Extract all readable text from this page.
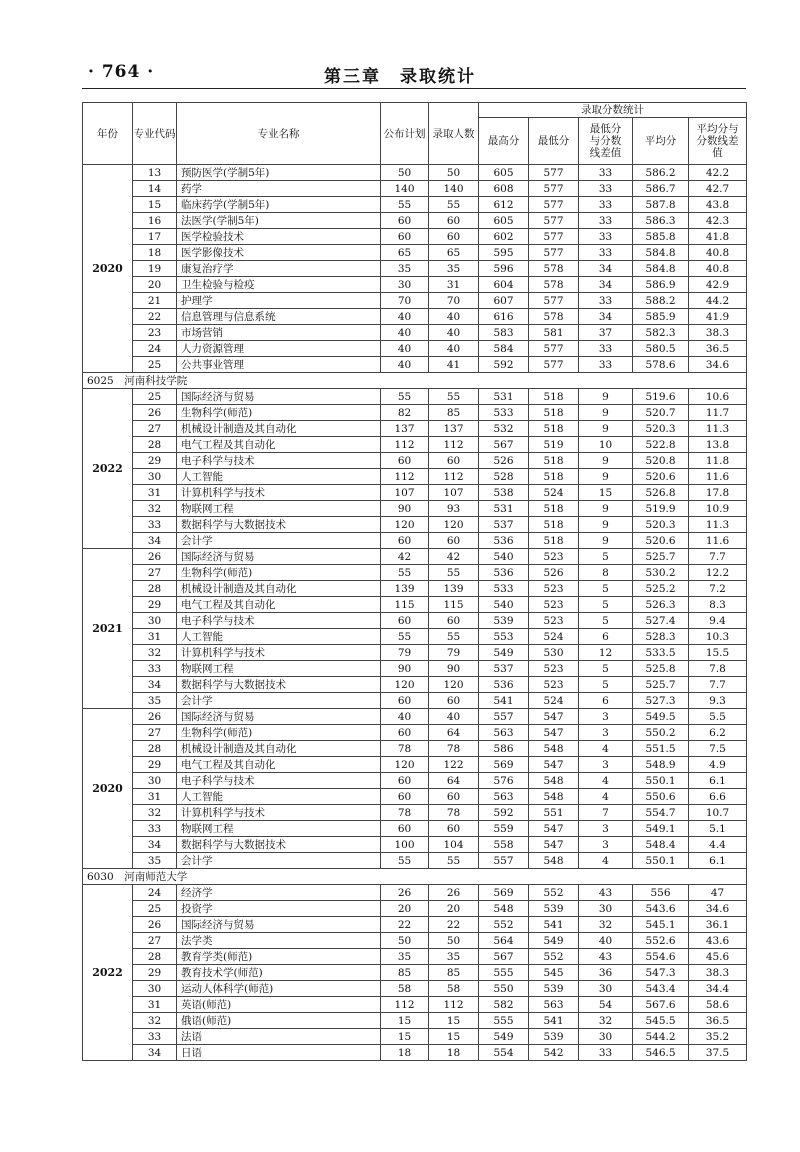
· 764 ·	第三章　录取统计
年份	专业代码	专业名称	公布计划	录取人数	录取分数统计				
					最高分	最低分	最低分与分数线差值	平均分	平均分与分数线差值
2020	13	预防医学(学制5年)	50	50	605	577	33	586.2	42.2
	14	药学	140	140	608	577	33	586.7	42.7
	15	临床药学(学制5年)	55	55	612	577	33	587.8	43.8
	16	法医学(学制5年)	60	60	605	577	33	586.3	42.3
	17	医学检验技术	60	60	602	577	33	585.8	41.8
	18	医学影像技术	65	65	595	577	33	584.8	40.8
	19	康复治疗学	35	35	596	578	34	584.8	40.8
	20	卫生检验与检疫	30	31	604	578	34	586.9	42.9
	21	护理学	70	70	607	577	33	588.2	44.2
	22	信息管理与信息系统	40	40	616	578	34	585.9	41.9
	23	市场营销	40	40	583	581	37	582.3	38.3
	24	人力资源管理	40	40	584	577	33	580.5	36.5
	25	公共事业管理	40	41	592	577	33	578.6	34.6
6025　河南科技学院									
2022	25	国际经济与贸易	55	55	531	518	9	519.6	10.6
	26	生物科学(师范)	82	85	533	518	9	520.7	11.7
	27	机械设计制造及其自动化	137	137	532	518	9	520.3	11.3
	28	电气工程及其自动化	112	112	567	519	10	522.8	13.8
	29	电子科学与技术	60	60	526	518	9	520.8	11.8
	30	人工智能	112	112	528	518	9	520.6	11.6
	31	计算机科学与技术	107	107	538	524	15	526.8	17.8
	32	物联网工程	90	93	531	518	9	519.9	10.9
	33	数据科学与大数据技术	120	120	537	518	9	520.3	11.3
	34	会计学	60	60	536	518	9	520.6	11.6
2021	26	国际经济与贸易	42	42	540	523	5	525.7	7.7
	27	生物科学(师范)	55	55	536	526	8	530.2	12.2
	28	机械设计制造及其自动化	139	139	533	523	5	525.2	7.2
	29	电气工程及其自动化	115	115	540	523	5	526.3	8.3
	30	电子科学与技术	60	60	539	523	5	527.4	9.4
	31	人工智能	55	55	553	524	6	528.3	10.3
	32	计算机科学与技术	79	79	549	530	12	533.5	15.5
	33	物联网工程	90	90	537	523	5	525.8	7.8
	34	数据科学与大数据技术	120	120	536	523	5	525.7	7.7
	35	会计学	60	60	541	524	6	527.3	9.3
2020	26	国际经济与贸易	40	40	557	547	3	549.5	5.5
	27	生物科学(师范)	60	64	563	547	3	550.2	6.2
	28	机械设计制造及其自动化	78	78	586	548	4	551.5	7.5
	29	电气工程及其自动化	120	122	569	547	3	548.9	4.9
	30	电子科学与技术	60	64	576	548	4	550.1	6.1
	31	人工智能	60	60	563	548	4	550.6	6.6
	32	计算机科学与技术	78	78	592	551	7	554.7	10.7
	33	物联网工程	60	60	559	547	3	549.1	5.1
	34	数据科学与大数据技术	100	104	558	547	3	548.4	4.4
	35	会计学	55	55	557	548	4	550.1	6.1
6030　河南师范大学									
2022	24	经济学	26	26	569	552	43	556	47
	25	投资学	20	20	548	539	30	543.6	34.6
	26	国际经济与贸易	22	22	552	541	32	545.1	36.1
	27	法学类	50	50	564	549	40	552.6	43.6
	28	教育学类(师范)	35	35	567	552	43	554.6	45.6
	29	教育技术学(师范)	85	85	555	545	36	547.3	38.3
	30	运动人体科学(师范)	58	58	550	539	30	543.4	34.4
	31	英语(师范)	112	112	582	563	54	567.6	58.6
	32	俄语(师范)	15	15	555	541	32	545.5	36.5
	33	法语	15	15	549	539	30	544.2	35.2
	34	日语	18	18	554	542	33	546.5	37.5
